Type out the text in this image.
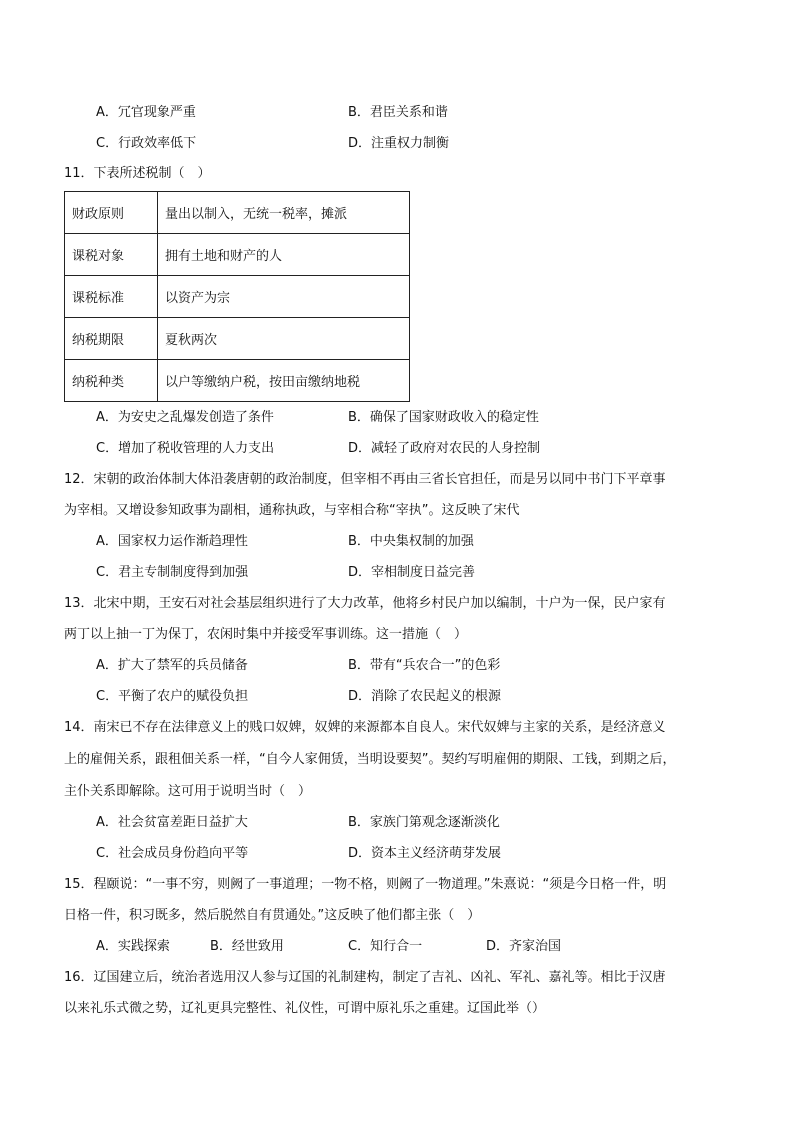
A．冗官现象严重	B．君臣关系和谐
C．行政效率低下	D．注重权力制衡
11．下表所述税制（　）
财政原则	量出以制入，无统一税率，摊派
课税对象	拥有土地和财产的人
课税标准	以资产为宗
纳税期限	夏秋两次
纳税种类	以户等缴纳户税，按田亩缴纳地税
A．为安史之乱爆发创造了条件	B．确保了国家财政收入的稳定性
C．增加了税收管理的人力支出	D．减轻了政府对农民的人身控制
12．宋朝的政治体制大体沿袭唐朝的政治制度，但宰相不再由三省长官担任，而是另以同中书门下平章事
为宰相。又增设参知政事为副相，通称执政，与宰相合称“宰执”。这反映了宋代
A．国家权力运作渐趋理性	B．中央集权制的加强
C．君主专制制度得到加强	D．宰相制度日益完善
13．北宋中期，王安石对社会基层组织进行了大力改革，他将乡村民户加以编制，十户为一保，民户家有
两丁以上抽一丁为保丁，农闲时集中并接受军事训练。这一措施（　）
A．扩大了禁军的兵员储备	B．带有“兵农合一”的色彩
C．平衡了农户的赋役负担	D．消除了农民起义的根源
14．南宋已不存在法律意义上的贱口奴婢，奴婢的来源都本自良人。宋代奴婢与主家的关系，是经济意义
上的雇佣关系，跟租佃关系一样，“自今人家佣赁，当明设要契”。契约写明雇佣的期限、工钱，到期之后，
主仆关系即解除。这可用于说明当时（　）
A．社会贫富差距日益扩大	B．家族门第观念逐渐淡化
C．社会成员身份趋向平等	D．资本主义经济萌芽发展
15．程颐说：“一事不穷，则阙了一事道理；一物不格，则阙了一物道理。”朱熹说：“须是今日格一件，明
日格一件，积习既多，然后脱然自有贯通处。”这反映了他们都主张（　）
A．实践探索	B．经世致用	C．知行合一	D．齐家治国
16．辽国建立后，统治者选用汉人参与辽国的礼制建构，制定了吉礼、凶礼、军礼、嘉礼等。相比于汉唐
以来礼乐式微之势，辽礼更具完整性、礼仪性，可谓中原礼乐之重建。辽国此举（）
